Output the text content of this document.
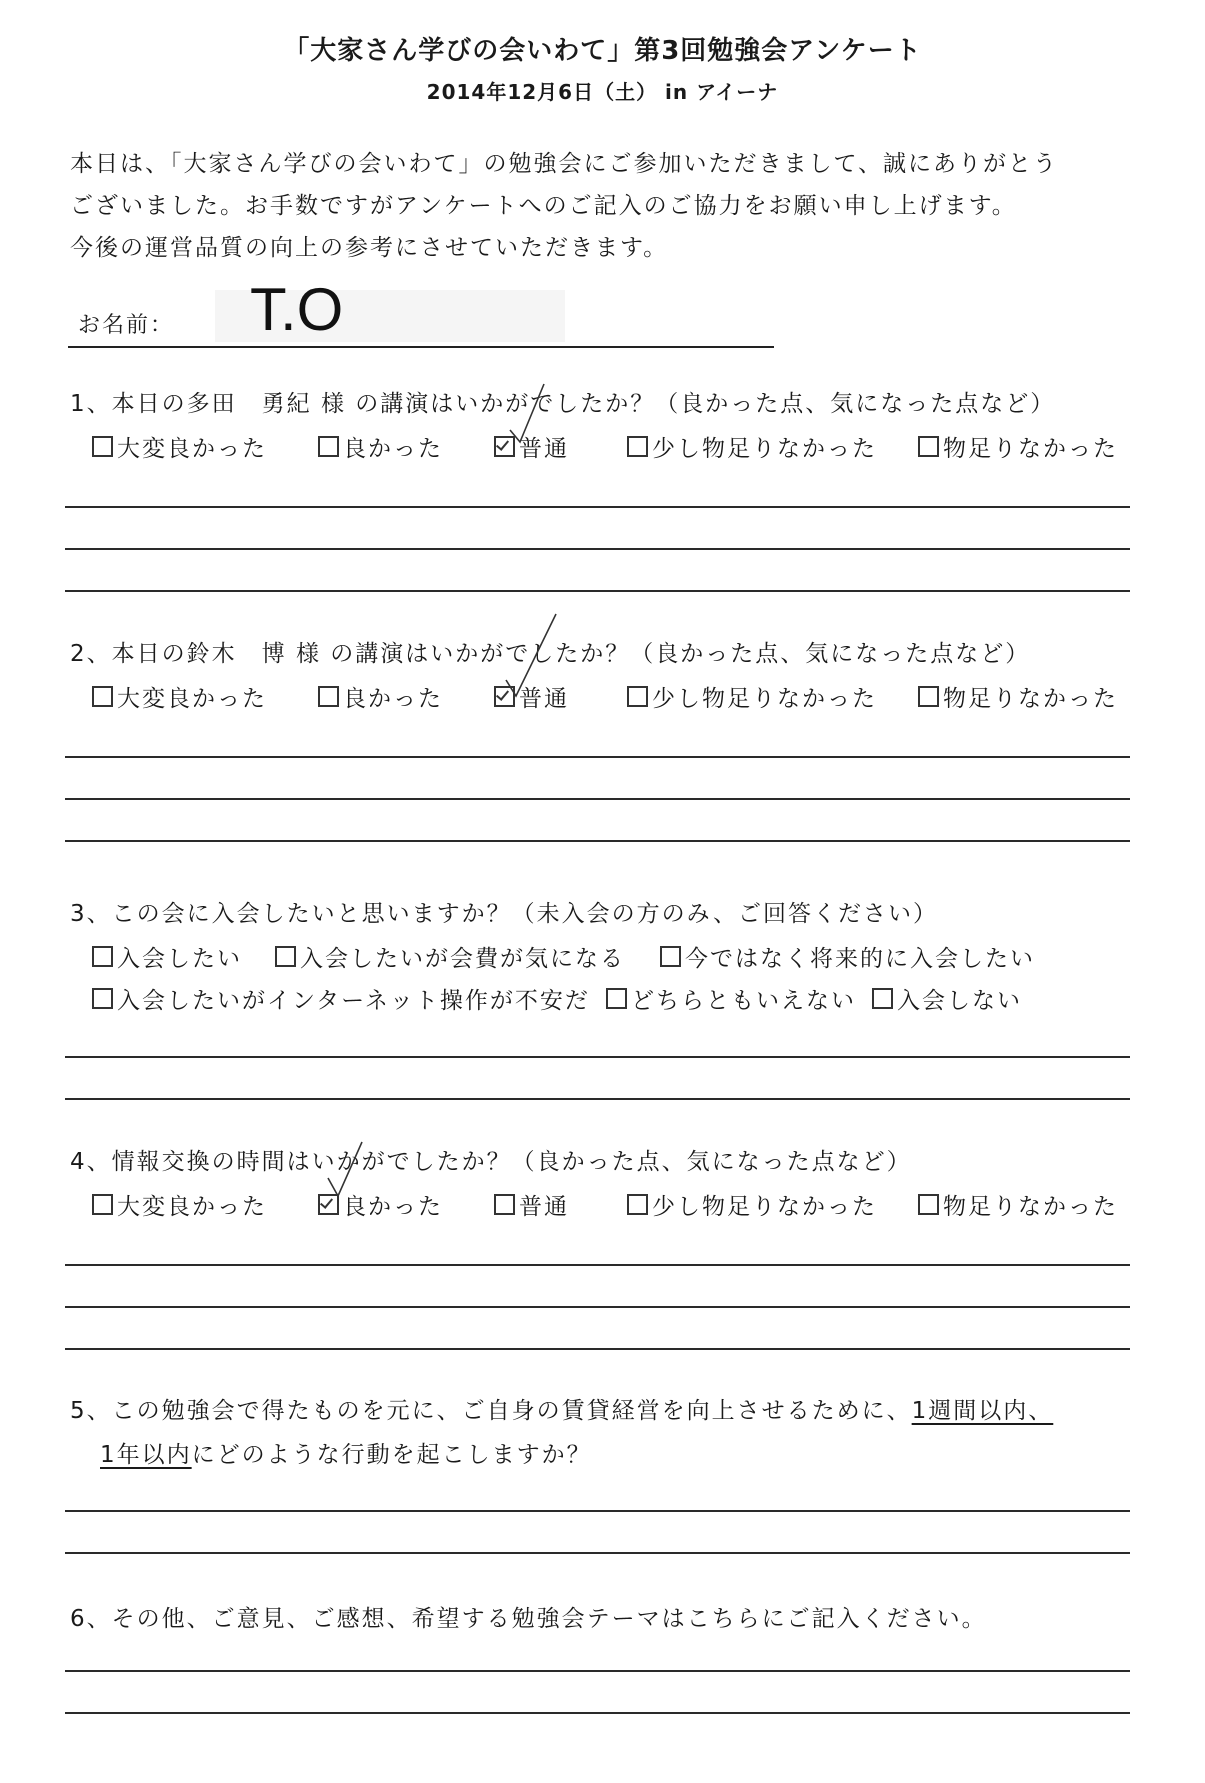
「大家さん学びの会いわて」第3回勉強会アンケート
2014年12月6日（土） in アイーナ
本日は、「大家さん学びの会いわて」の勉強会にご参加いただきまして、誠にありがとう
ございました。お手数ですがアンケートへのご記入のご協力をお願い申し上げます。
今後の運営品質の向上の参考にさせていただきます。
お名前： T.O
1、本日の多田　勇紀 様 の講演はいかがでしたか？（良かった点、気になった点など）
大変良かった	良かった	普通	少し物足りなかった	物足りなかった
2、本日の鈴木　博 様 の講演はいかがでしたか？（良かった点、気になった点など）
大変良かった	良かった	普通	少し物足りなかった	物足りなかった
3、この会に入会したいと思いますか？（未入会の方のみ、ご回答ください）
入会したい	入会したいが会費が気になる	今ではなく将来的に入会したい
入会したいがインターネット操作が不安だ	どちらともいえない	入会しない
4、情報交換の時間はいかがでしたか？（良かった点、気になった点など）
大変良かった	良かった	普通	少し物足りなかった	物足りなかった
5、この勉強会で得たものを元に、ご自身の賃貸経営を向上させるために、1週間以内、
1年以内にどのような行動を起こしますか？
6、その他、ご意見、ご感想、希望する勉強会テーマはこちらにご記入ください。
